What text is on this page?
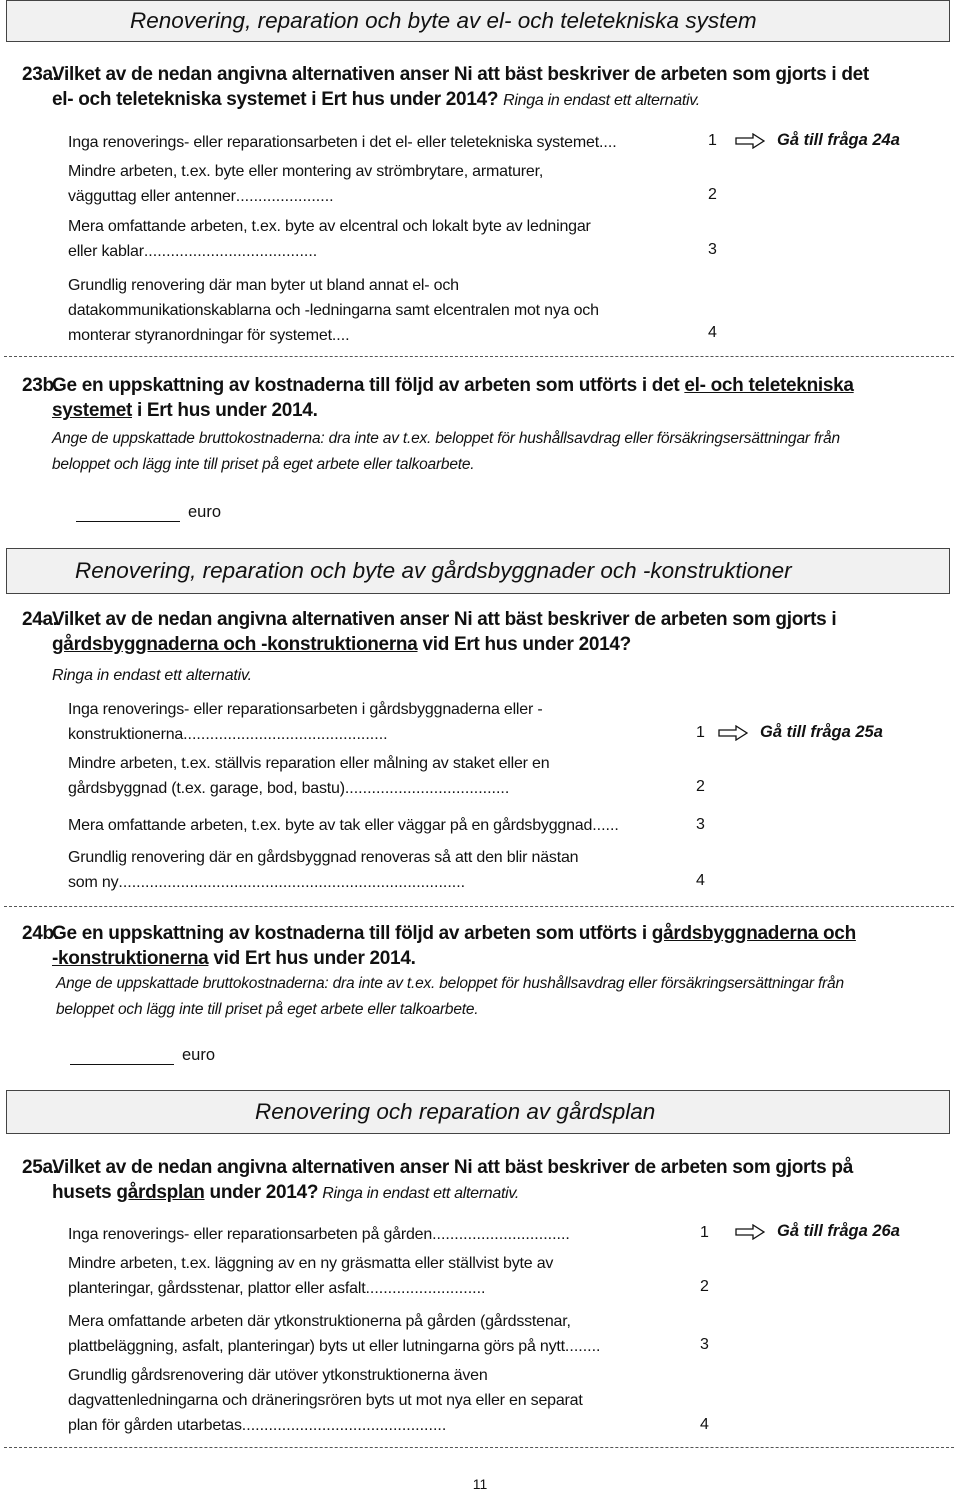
Renovering, reparation och byte av el- och teletekniska system
23a.Vilket av de nedan angivna alternativen anser Ni att bäst beskriver de arbeten som gjorts i det
el- och teletekniska systemet i Ert hus under 2014? Ringa in endast ett alternativ.
Inga renoverings- eller reparationsarbeten i det el- eller teletekniska systemet....	1	Gå till fråga 24a
Mindre arbeten, t.ex. byte eller montering av strömbrytare, armaturer,
vägguttag eller antenner......................	2
Mera omfattande arbeten, t.ex. byte av elcentral och lokalt byte av ledningar
eller kablar.......................................	3
Grundlig renovering där man byter ut bland annat el- och
datakommunikationskablarna och -ledningarna samt elcentralen mot nya och
monterar styranordningar för systemet....	4
23b.Ge en uppskattning av kostnaderna till följd av arbeten som utförts i det el- och teletekniska
systemet i Ert hus under 2014.
Ange de uppskattade bruttokostnaderna: dra inte av t.ex. beloppet för hushållsavdrag eller försäkringsersättningar från
beloppet och lägg inte till priset på eget arbete eller talkoarbete.
euro
Renovering, reparation och byte av gårdsbyggnader och -konstruktioner
24a.Vilket av de nedan angivna alternativen anser Ni att bäst beskriver de arbeten som gjorts i
gårdsbyggnaderna och -konstruktionerna vid Ert hus under 2014?
Ringa in endast ett alternativ.
Inga renoverings- eller reparationsarbeten i gårdsbyggnaderna eller -
konstruktionerna..............................................	1	Gå till fråga 25a
Mindre arbeten, t.ex. ställvis reparation eller målning av staket eller en
gårdsbyggnad (t.ex. garage, bod, bastu).....................................	2
Mera omfattande arbeten, t.ex. byte av tak eller väggar på en gårdsbyggnad......	3
Grundlig renovering där en gårdsbyggnad renoveras så att den blir nästan
som ny..............................................................................	4
24b.Ge en uppskattning av kostnaderna till följd av arbeten som utförts i gårdsbyggnaderna och
-konstruktionerna vid Ert hus under 2014.
Ange de uppskattade bruttokostnaderna: dra inte av t.ex. beloppet för hushållsavdrag eller försäkringsersättningar från
beloppet och lägg inte till priset på eget arbete eller talkoarbete.
euro
Renovering och reparation av gårdsplan
25a.Vilket av de nedan angivna alternativen anser Ni att bäst beskriver de arbeten som gjorts på
husets gårdsplan under 2014? Ringa in endast ett alternativ.
Inga renoverings- eller reparationsarbeten på gården...............................	1	Gå till fråga 26a
Mindre arbeten, t.ex. läggning av en ny gräsmatta eller ställvist byte av
planteringar, gårdsstenar, plattor eller asfalt...........................	2
Mera omfattande arbeten där ytkonstruktionerna på gården (gårdsstenar,
plattbeläggning, asfalt, planteringar) byts ut eller lutningarna görs på nytt........	3
Grundlig gårdsrenovering där utöver ytkonstruktionerna även
dagvattenledningarna och dräneringsrören byts ut mot nya eller en separat
plan för gården utarbetas..............................................	4
11
